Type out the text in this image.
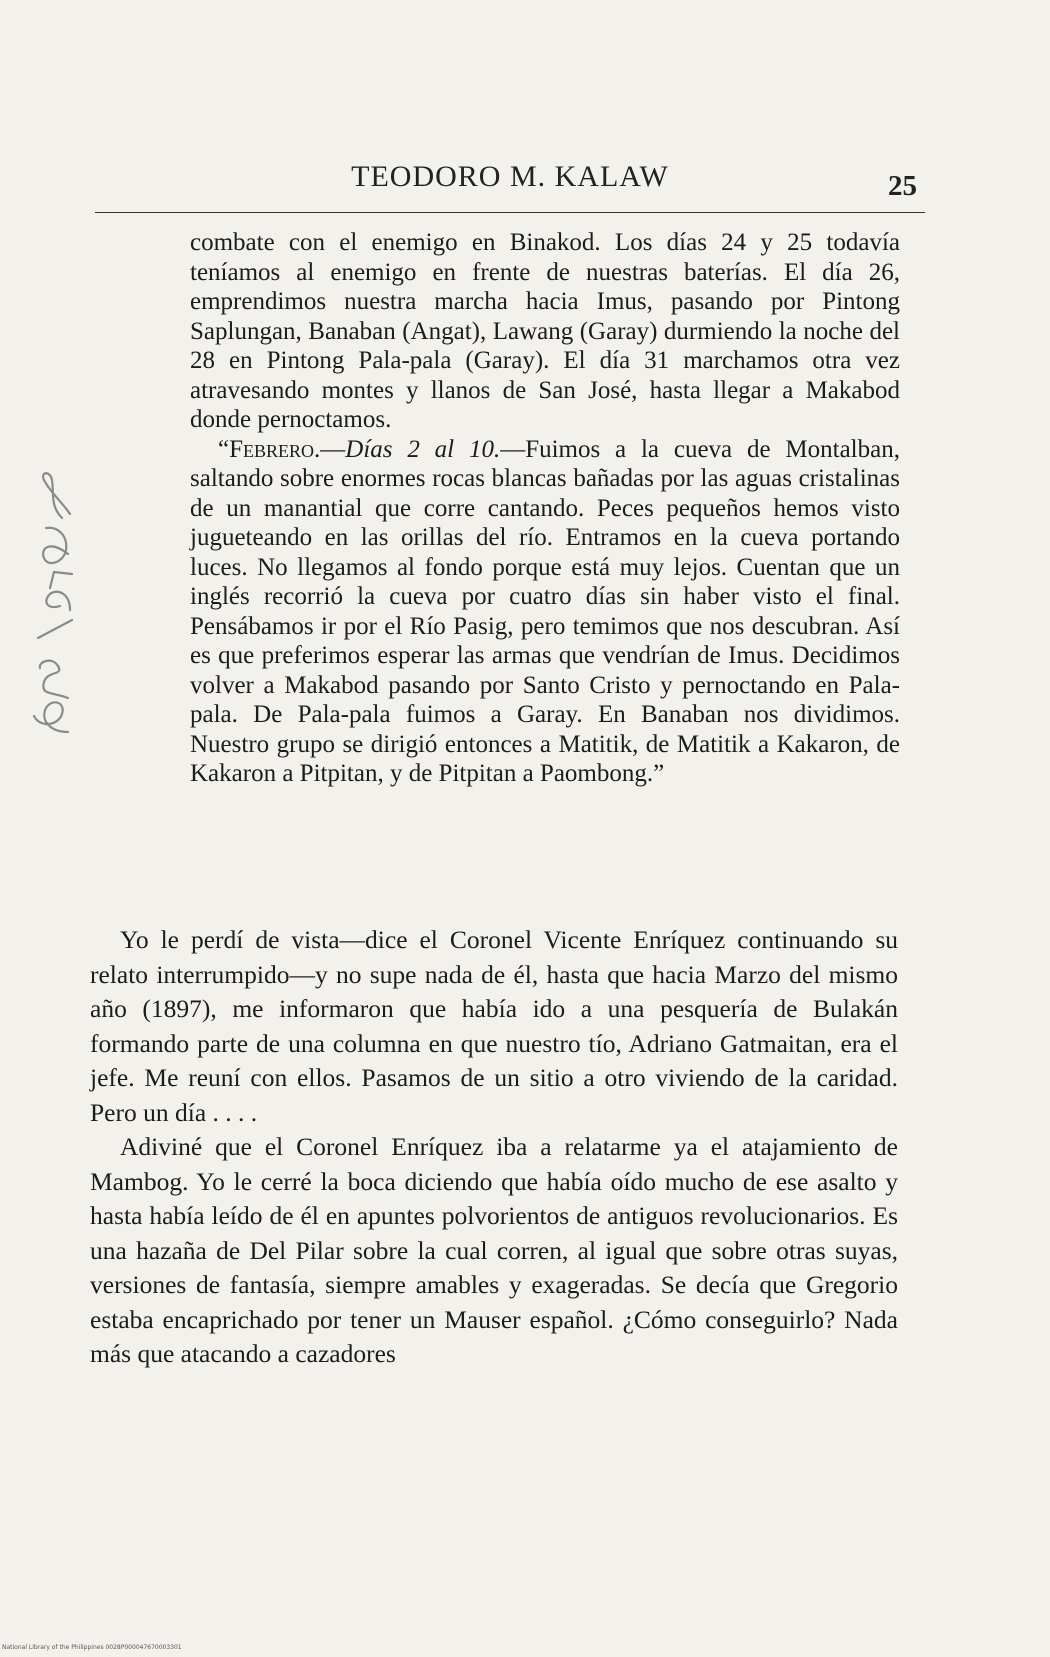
TEODORO M. KALAW	25

combate con el enemigo en Binakod. Los días 24 y 25 todavía teníamos al enemigo en frente de nuestras baterías. El día 26, emprendimos nuestra marcha hacia Imus, pasando por Pintong Saplungan, Banaban (Angat), Lawang (Garay) durmiendo la noche del 28 en Pintong Pala-pala (Garay). El día 31 marchamos otra vez atravesando montes y llanos de San José, hasta llegar a Makabod donde pernoctamos.

“Febrero.—Días 2 al 10.—Fuimos a la cueva de Montalban, saltando sobre enormes rocas blancas bañadas por las aguas cristalinas de un manantial que corre cantando. Peces pequeños hemos visto jugueteando en las orillas del río. Entramos en la cueva portando luces. No llegamos al fondo porque está muy lejos. Cuentan que un inglés recorrió la cueva por cuatro días sin haber visto el final. Pensábamos ir por el Río Pasig, pero temimos que nos descubran. Así es que preferimos esperar las armas que vendrían de Imus. Decidimos volver a Makabod pasando por Santo Cristo y pernoctando en Pala-pala. De Pala-pala fuimos a Garay. En Banaban nos dividimos. Nuestro grupo se dirigió entonces a Matitik, de Matitik a Kakaron, de Kakaron a Pitpitan, y de Pitpitan a Paombong.”

Yo le perdí de vista—dice el Coronel Vicente Enríquez continuando su relato interrumpido—y no supe nada de él, hasta que hacia Marzo del mismo año (1897), me informaron que había ido a una pesquería de Bulakán formando parte de una columna en que nuestro tío, Adriano Gatmaitan, era el jefe. Me reuní con ellos. Pasamos de un sitio a otro viviendo de la caridad. Pero un día . . . .

Adiviné que el Coronel Enríquez iba a relatarme ya el atajamiento de Mambog. Yo le cerré la boca diciendo que había oído mucho de ese asalto y hasta había leído de él en apuntes polvorientos de antiguos revolucionarios. Es una hazaña de Del Pilar sobre la cual corren, al igual que sobre otras suyas, versiones de fantasía, siempre amables y exageradas. Se decía que Gregorio estaba encaprichado por tener un Mauser español. ¿Cómo conseguirlo? Nada más que atacando a cazadores

National Library of the Philippines 0028P000047670003301
